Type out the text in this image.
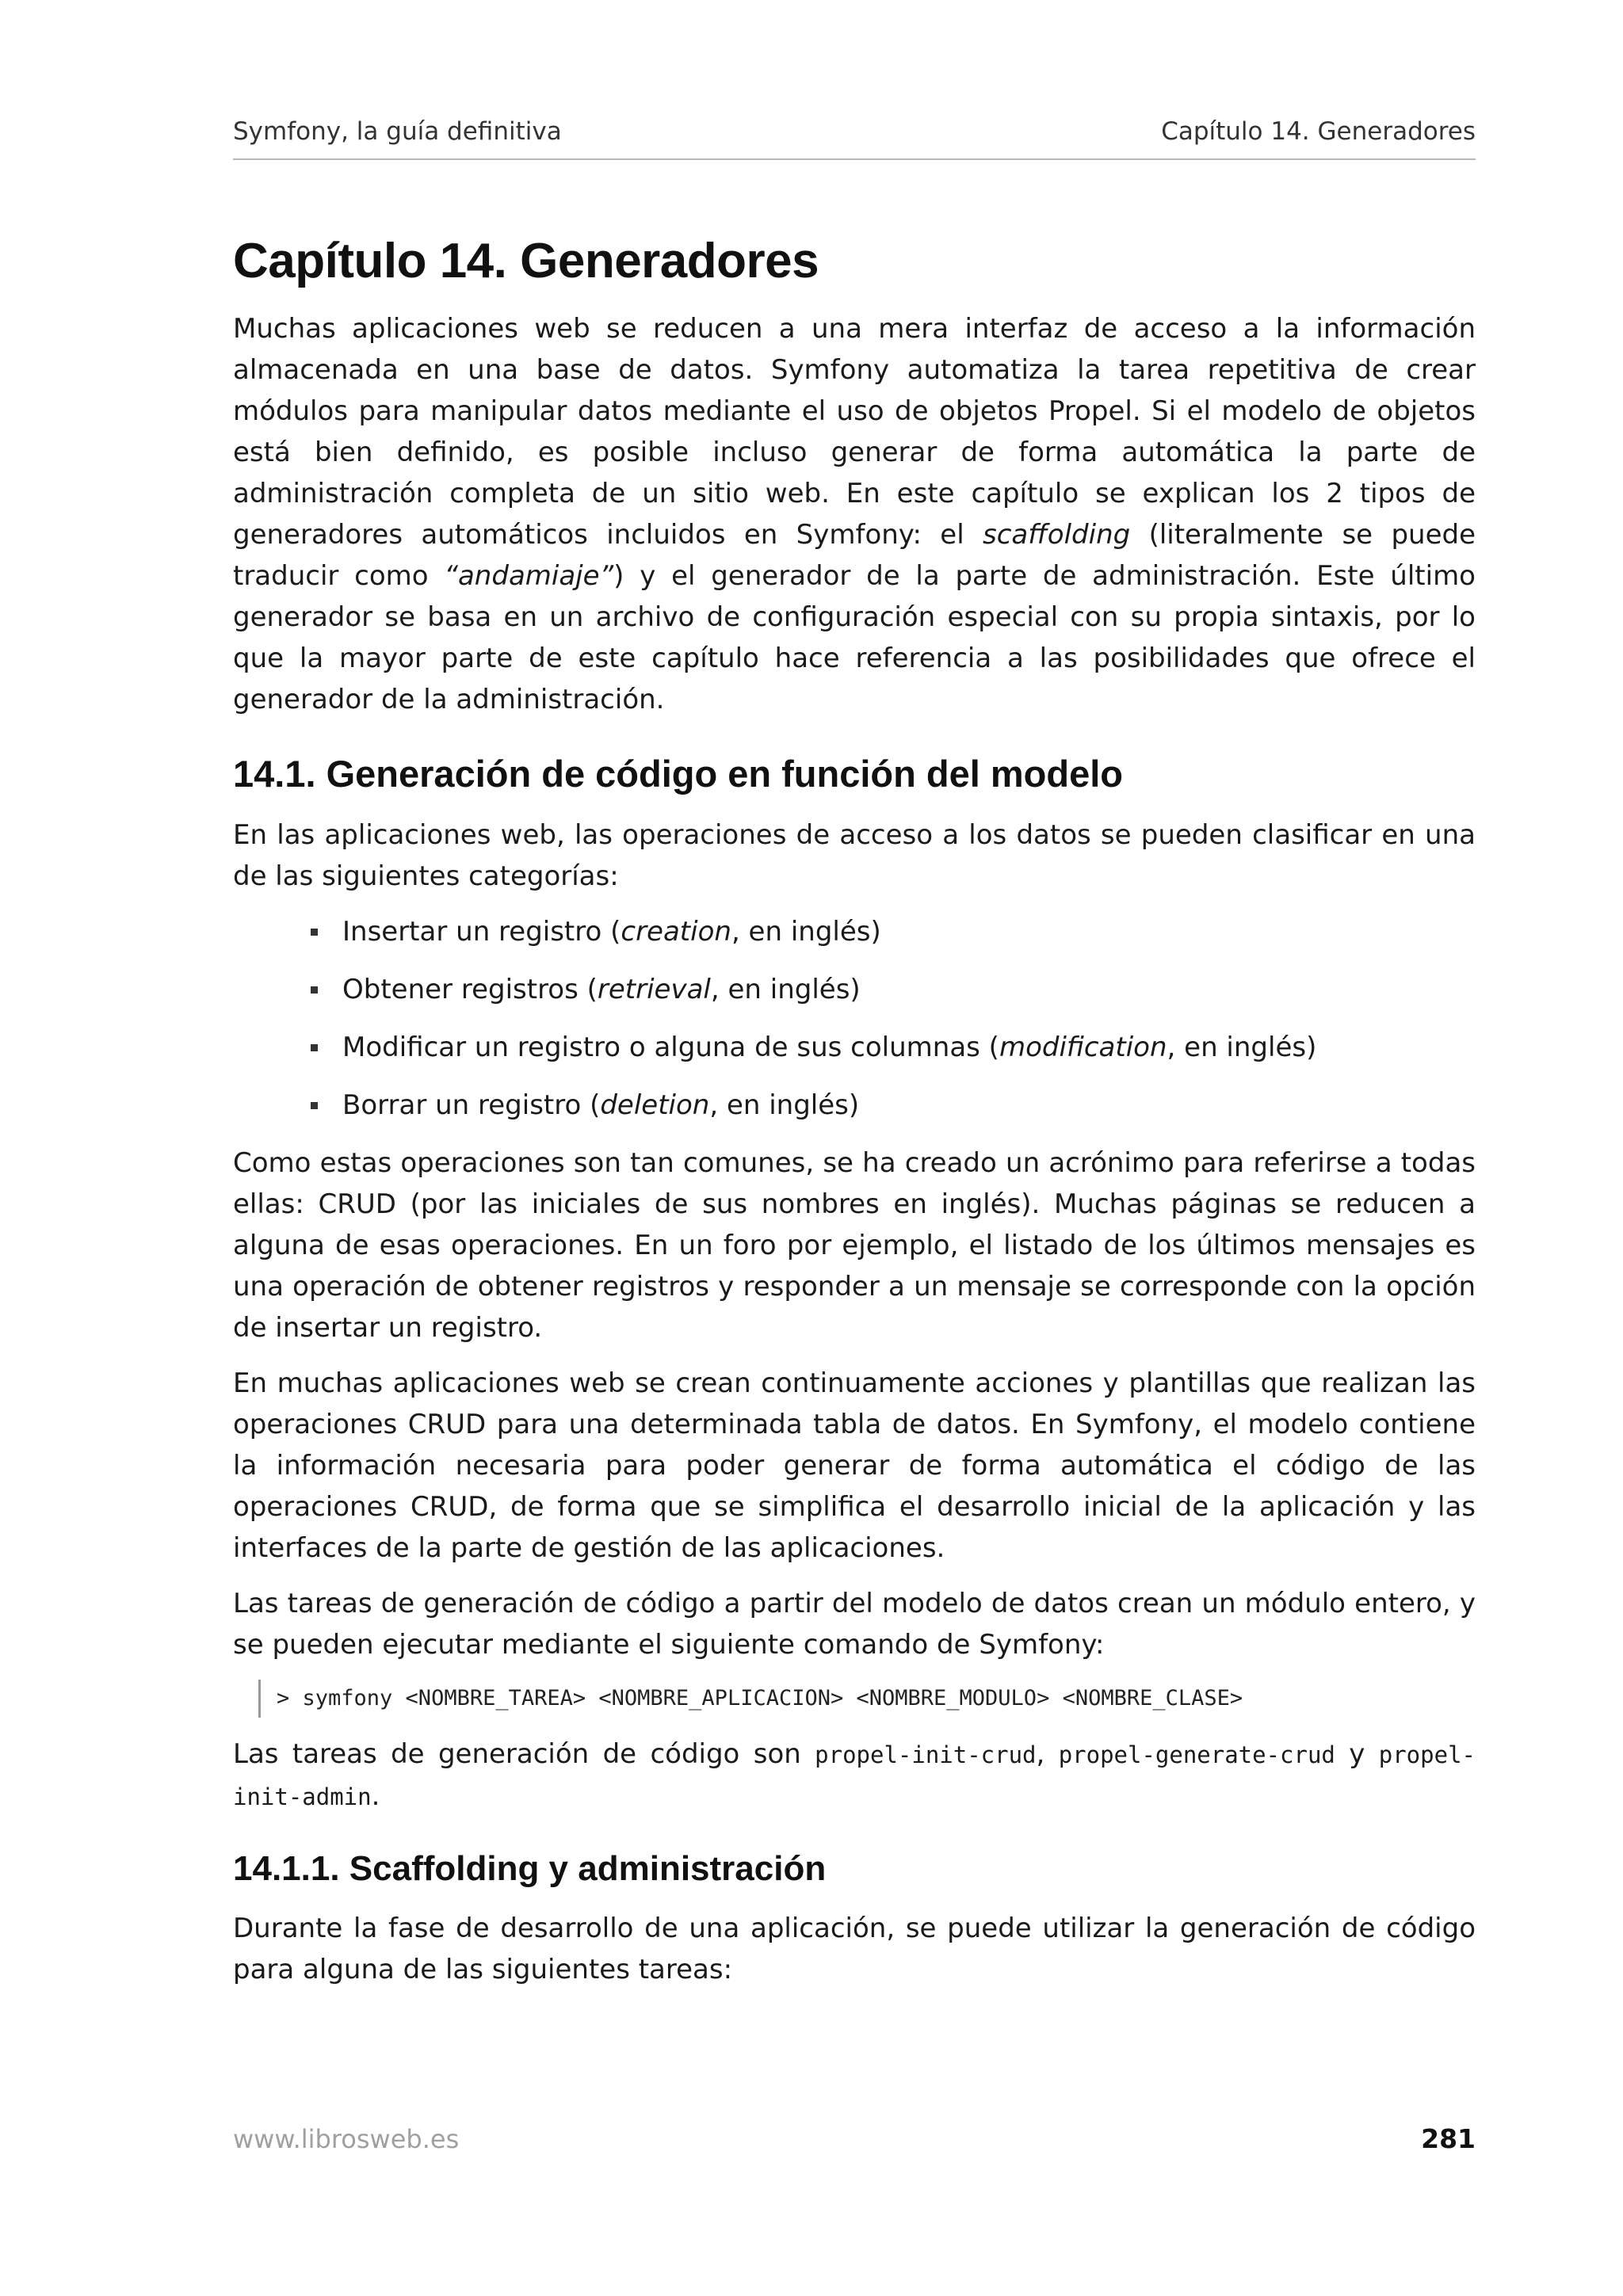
Symfony, la guía definitiva	Capítulo 14. Generadores
Capítulo 14. Generadores

Muchas aplicaciones web se reducen a una mera interfaz de acceso a la información almacenada en una base de datos. Symfony automatiza la tarea repetitiva de crear módulos para manipular datos mediante el uso de objetos Propel. Si el modelo de objetos está bien definido, es posible incluso generar de forma automática la parte de administración completa de un sitio web. En este capítulo se explican los 2 tipos de generadores automáticos incluidos en Symfony: el scaffolding (literalmente se puede traducir como “andamiaje”) y el generador de la parte de administración. Este último generador se basa en un archivo de configuración especial con su propia sintaxis, por lo que la mayor parte de este capítulo hace referencia a las posibilidades que ofrece el generador de la administración.

14.1. Generación de código en función del modelo

En las aplicaciones web, las operaciones de acceso a los datos se pueden clasificar en una de las siguientes categorías:

Insertar un registro (creation, en inglés)
Obtener registros (retrieval, en inglés)
Modificar un registro o alguna de sus columnas (modification, en inglés)
Borrar un registro (deletion, en inglés)

Como estas operaciones son tan comunes, se ha creado un acrónimo para referirse a todas ellas: CRUD (por las iniciales de sus nombres en inglés). Muchas páginas se reducen a alguna de esas operaciones. En un foro por ejemplo, el listado de los últimos mensajes es una operación de obtener registros y responder a un mensaje se corresponde con la opción de insertar un registro.

En muchas aplicaciones web se crean continuamente acciones y plantillas que realizan las operaciones CRUD para una determinada tabla de datos. En Symfony, el modelo contiene la información necesaria para poder generar de forma automática el código de las operaciones CRUD, de forma que se simplifica el desarrollo inicial de la aplicación y las interfaces de la parte de gestión de las aplicaciones.

Las tareas de generación de código a partir del modelo de datos crean un módulo entero, y se pueden ejecutar mediante el siguiente comando de Symfony:

> symfony <NOMBRE_TAREA> <NOMBRE_APLICACION> <NOMBRE_MODULO> <NOMBRE_CLASE>

Las tareas de generación de código son propel-init-crud, propel-generate-crud y propel-init-admin.

14.1.1. Scaffolding y administración

Durante la fase de desarrollo de una aplicación, se puede utilizar la generación de código para alguna de las siguientes tareas:

www.librosweb.es	281
